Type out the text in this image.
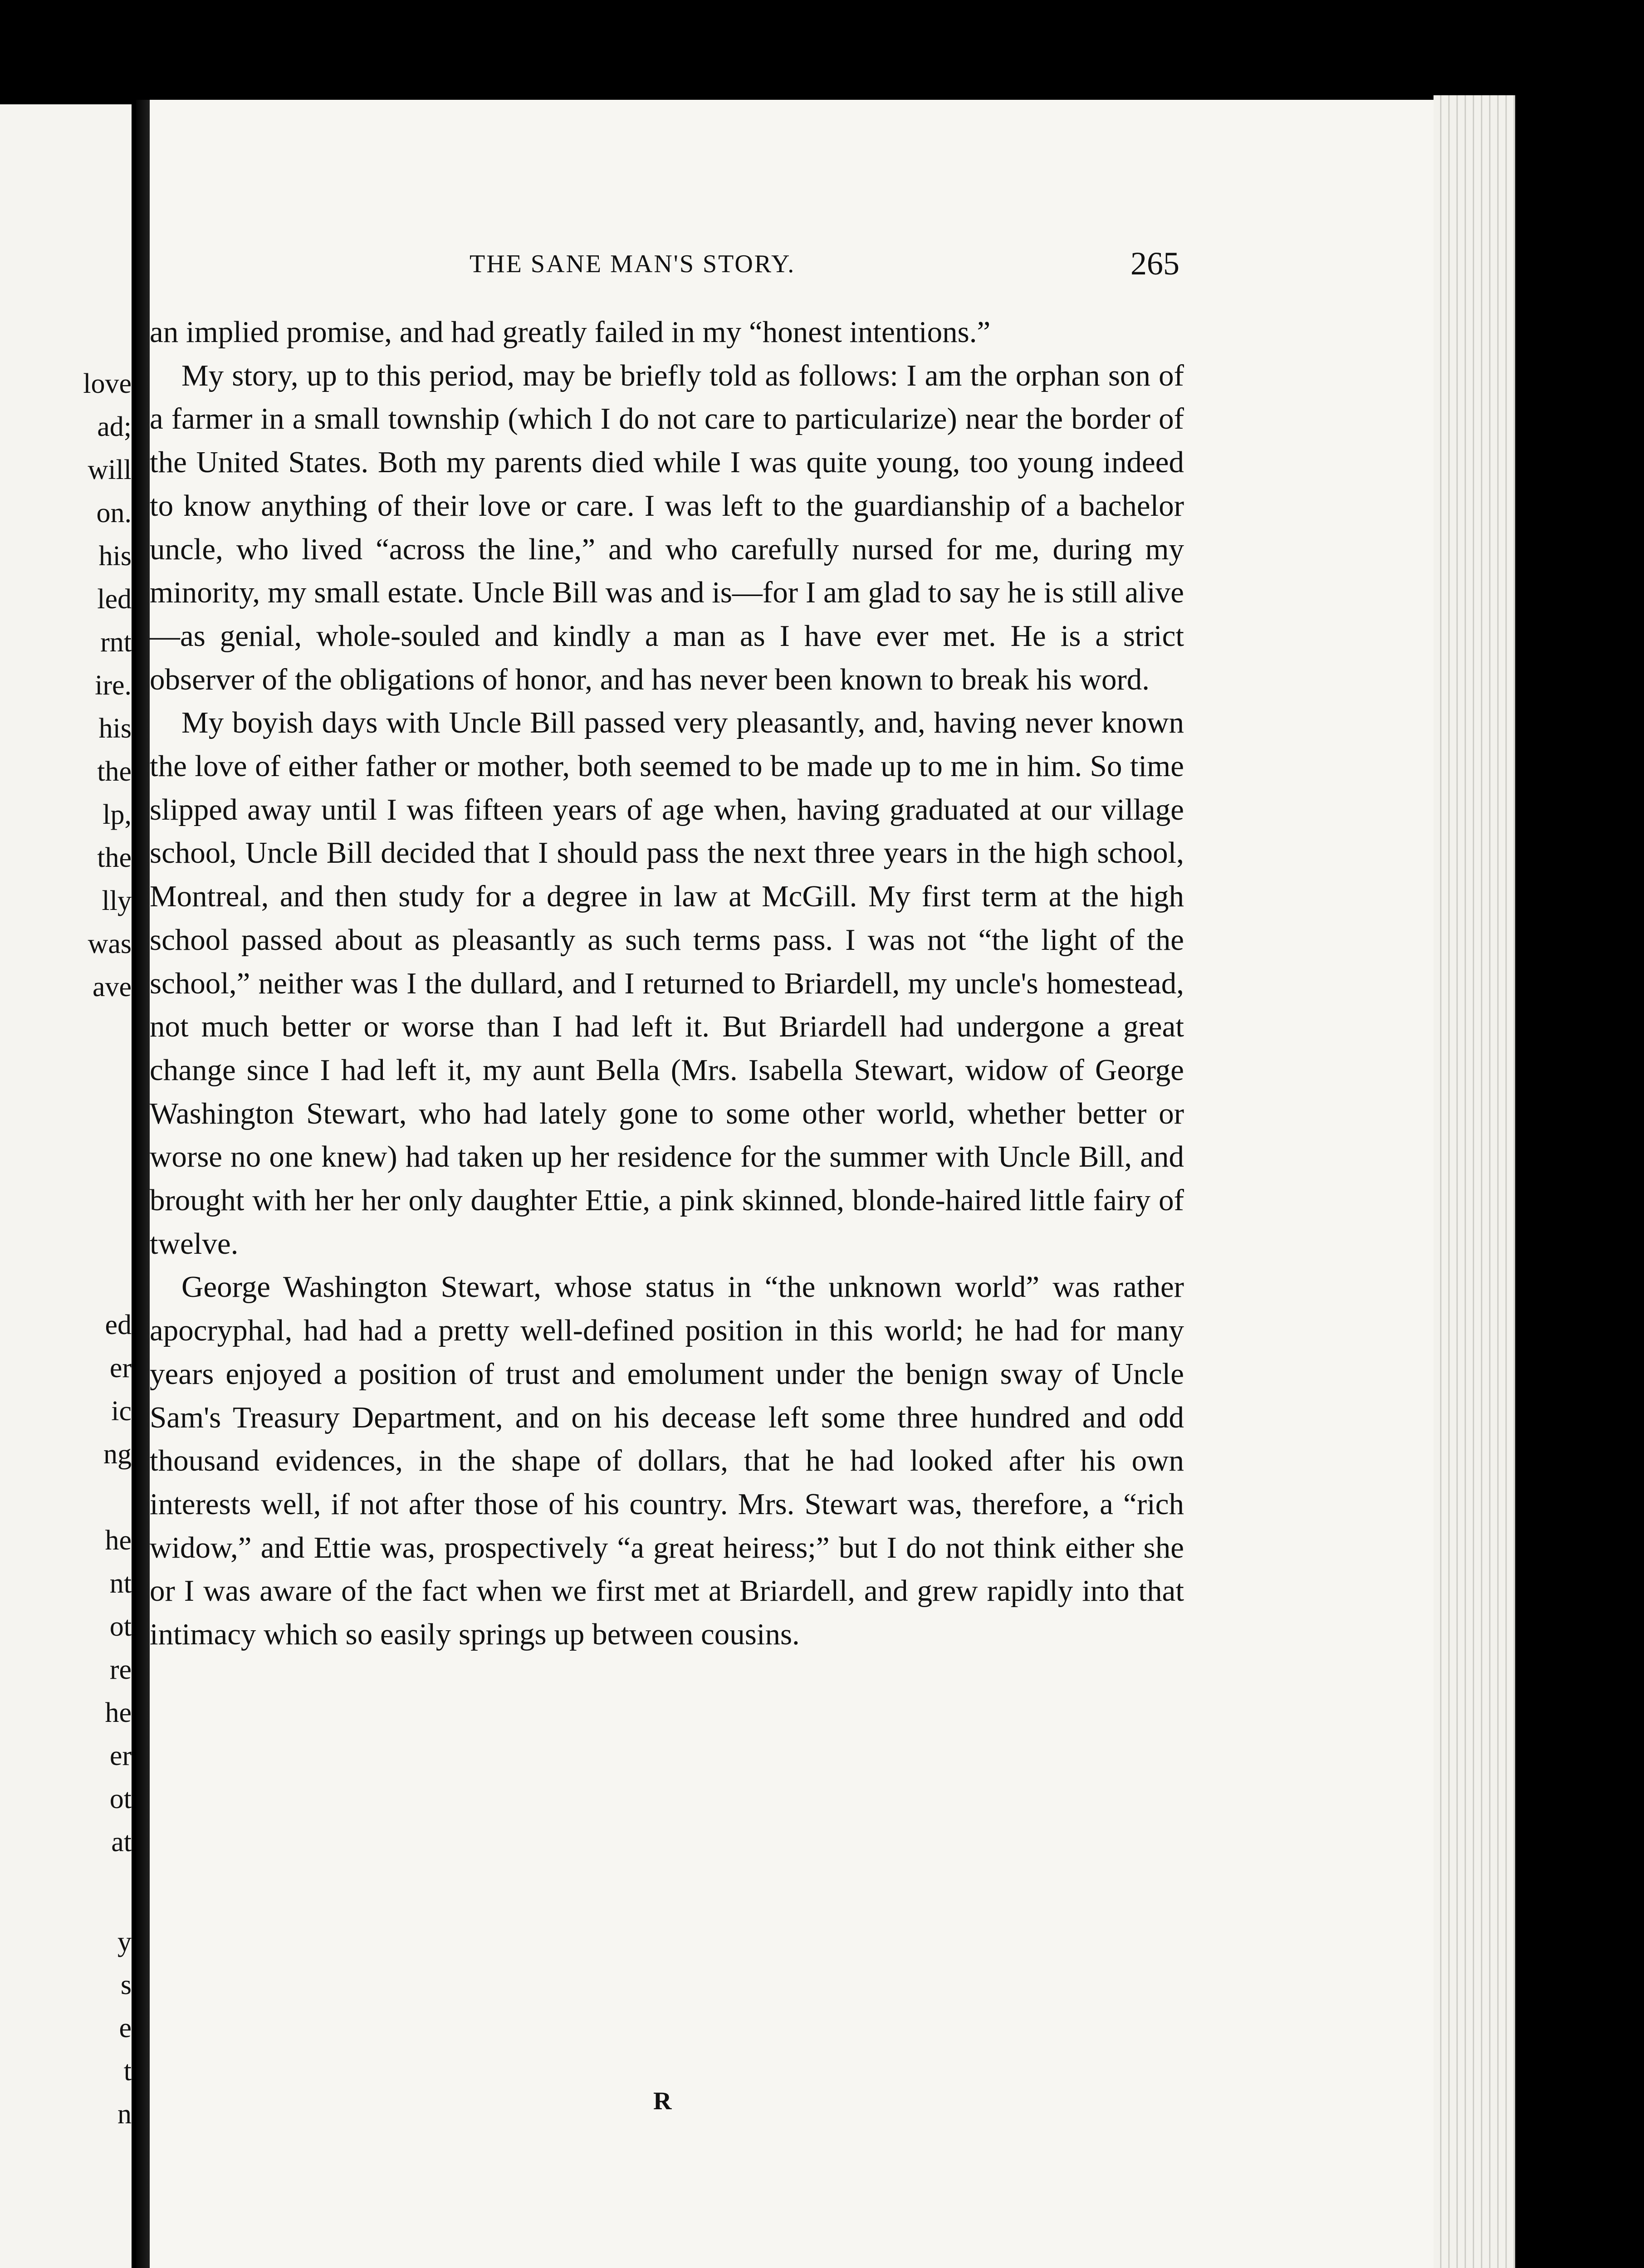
love
ad;
will
on.
his
led
rnt
ire.
his
the
lp,
the
lly
was
ave
ed
er
ic
ng
he
nt
ot
re
he
er
ot
at
y
s
e
t
n
THE SANE MAN'S STORY.	265

an implied promise, and had greatly failed in my “honest intentions.”

My story, up to this period, may be briefly told as follows: I am the orphan son of a farmer in a small township (which I do not care to particularize) near the border of the United States. Both my parents died while I was quite young, too young indeed to know anything of their love or care. I was left to the guardianship of a bachelor uncle, who lived “across the line,” and who carefully nursed for me, during my minority, my small estate. Uncle Bill was and is—for I am glad to say he is still alive—as genial, whole-souled and kindly a man as I have ever met. He is a strict observer of the obligations of honor, and has never been known to break his word.

My boyish days with Uncle Bill passed very pleasantly, and, having never known the love of either father or mother, both seemed to be made up to me in him. So time slipped away until I was fifteen years of age when, having graduated at our village school, Uncle Bill decided that I should pass the next three years in the high school, Montreal, and then study for a degree in law at McGill. My first term at the high school passed about as pleasantly as such terms pass. I was not “the light of the school,” neither was I the dullard, and I returned to Briardell, my uncle's homestead, not much better or worse than I had left it. But Briardell had undergone a great change since I had left it, my aunt Bella (Mrs. Isabella Stewart, widow of George Washington Stewart, who had lately gone to some other world, whether better or worse no one knew) had taken up her residence for the summer with Uncle Bill, and brought with her her only daughter Ettie, a pink skinned, blonde-haired little fairy of twelve.

George Washington Stewart, whose status in “the unknown world” was rather apocryphal, had had a pretty well-defined position in this world; he had for many years enjoyed a position of trust and emolument under the benign sway of Uncle Sam's Treasury Department, and on his decease left some three hundred and odd thousand evidences, in the shape of dollars, that he had looked after his own interests well, if not after those of his country. Mrs. Stewart was, therefore, a “rich widow,” and Ettie was, prospectively “a great heiress;” but I do not think either she or I was aware of the fact when we first met at Briardell, and grew rapidly into that intimacy which so easily springs up between cousins.

R
